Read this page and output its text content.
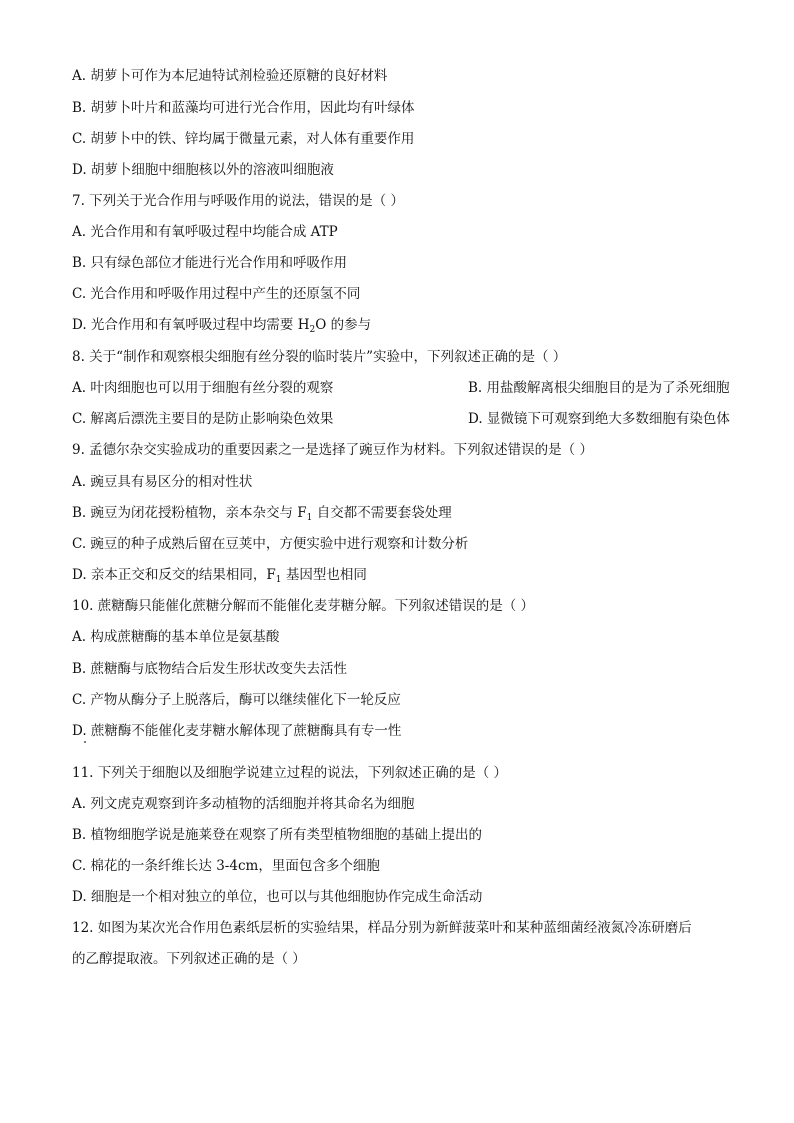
A. 胡萝卜可作为本尼迪特试剂检验还原糖的良好材料
B. 胡萝卜叶片和蓝藻均可进行光合作用，因此均有叶绿体
C. 胡萝卜中的铁、锌均属于微量元素，对人体有重要作用
D. 胡萝卜细胞中细胞核以外的溶液叫细胞液
7. 下列关于光合作用与呼吸作用的说法，错误的是（ ）
A. 光合作用和有氧呼吸过程中均能合成 ATP
B. 只有绿色部位才能进行光合作用和呼吸作用
C. 光合作用和呼吸作用过程中产生的还原氢不同
D. 光合作用和有氧呼吸过程中均需要 $H_2O$ 的参与
8. 关于“制作和观察根尖细胞有丝分裂的临时装片”实验中，下列叙述正确的是（ ）
A. 叶肉细胞也可以用于细胞有丝分裂的观察	B. 用盐酸解离根尖细胞目的是为了杀死细胞
C. 解离后漂洗主要目的是防止影响染色效果	D. 显微镜下可观察到绝大多数细胞有染色体
9. 孟德尔杂交实验成功的重要因素之一是选择了豌豆作为材料。下列叙述错误的是（ ）
A. 豌豆具有易区分的相对性状
B. 豌豆为闭花授粉植物，亲本杂交与 $F_1$ 自交都不需要套袋处理
C. 豌豆的种子成熟后留在豆荚中，方便实验中进行观察和计数分析
D. 亲本正交和反交的结果相同，$F_1$ 基因型也相同
10. 蔗糖酶只能催化蔗糖分解而不能催化麦芽糖分解。下列叙述错误的是（ ）
A. 构成蔗糖酶的基本单位是氨基酸
B. 蔗糖酶与底物结合后发生形状改变失去活性
C. 产物从酶分子上脱落后，酶可以继续催化下一轮反应
D. 蔗糖酶不能催化麦芽糖水解体现了蔗糖酶具有专一性
11. 下列关于细胞以及细胞学说建立过程的说法，下列叙述正确的是（ ）
A. 列文虎克观察到许多动植物的活细胞并将其命名为细胞
B. 植物细胞学说是施莱登在观察了所有类型植物细胞的基础上提出的
C. 棉花的一条纤维长达 3-4cm，里面包含多个细胞
D. 细胞是一个相对独立的单位，也可以与其他细胞协作完成生命活动
12. 如图为某次光合作用色素纸层析的实验结果，样品分别为新鲜菠菜叶和某种蓝细菌经液氮冷冻研磨后
的乙醇提取液。下列叙述正确的是（ ）
